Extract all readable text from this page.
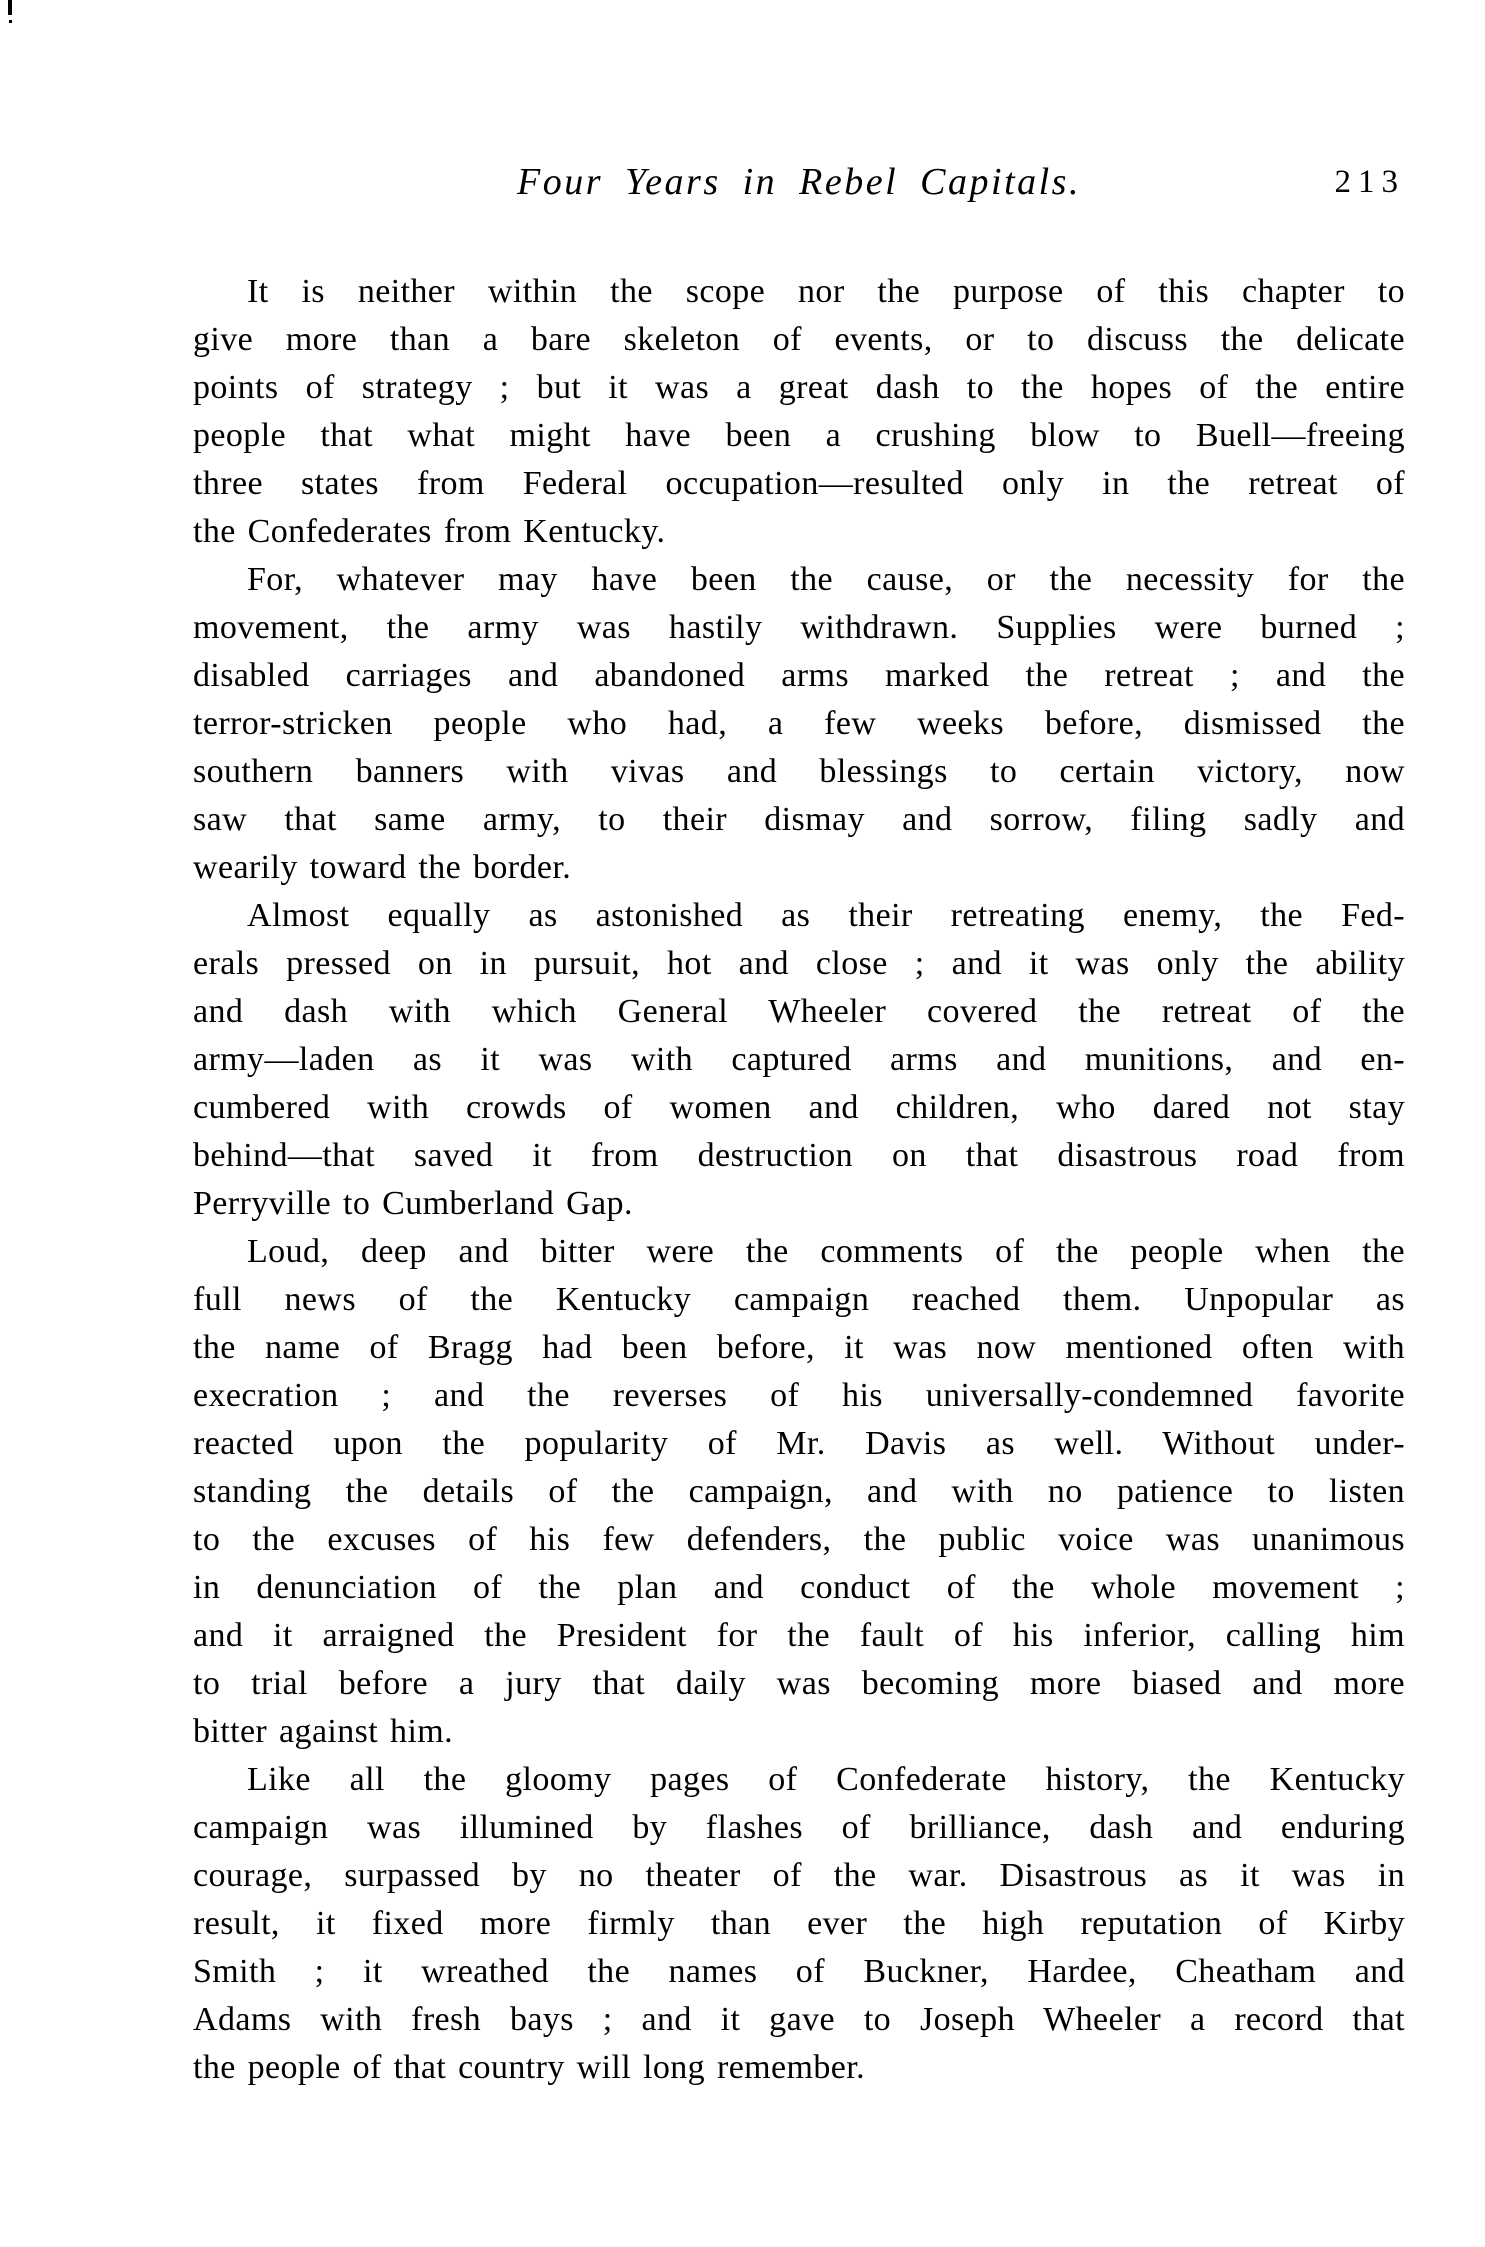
Four Years in Rebel Capitals.	213

It is neither within the scope nor the purpose of this chapter to
give more than a bare skeleton of events, or to discuss the delicate
points of strategy ; but it was a great dash to the hopes of the entire
people that what might have been a crushing blow to Buell—freeing
three states from Federal occupation—resulted only in the retreat of
the Confederates from Kentucky.

For, whatever may have been the cause, or the necessity for the
movement, the army was hastily withdrawn. Supplies were burned ;
disabled carriages and abandoned arms marked the retreat ; and the
terror-stricken people who had, a few weeks before, dismissed the
southern banners with vivas and blessings to certain victory, now
saw that same army, to their dismay and sorrow, filing sadly and
wearily toward the border.

Almost equally as astonished as their retreating enemy, the Fed-
erals pressed on in pursuit, hot and close ; and it was only the ability
and dash with which General Wheeler covered the retreat of the
army—laden as it was with captured arms and munitions, and en-
cumbered with crowds of women and children, who dared not stay
behind—that saved it from destruction on that disastrous road from
Perryville to Cumberland Gap.

Loud, deep and bitter were the comments of the people when the
full news of the Kentucky campaign reached them. Unpopular as
the name of Bragg had been before, it was now mentioned often with
execration ; and the reverses of his universally-condemned favorite
reacted upon the popularity of Mr. Davis as well. Without under-
standing the details of the campaign, and with no patience to listen
to the excuses of his few defenders, the public voice was unanimous
in denunciation of the plan and conduct of the whole movement ;
and it arraigned the President for the fault of his inferior, calling him
to trial before a jury that daily was becoming more biased and more
bitter against him.

Like all the gloomy pages of Confederate history, the Kentucky
campaign was illumined by flashes of brilliance, dash and enduring
courage, surpassed by no theater of the war. Disastrous as it was in
result, it fixed more firmly than ever the high reputation of Kirby
Smith ; it wreathed the names of Buckner, Hardee, Cheatham and
Adams with fresh bays ; and it gave to Joseph Wheeler a record that
the people of that country will long remember.
